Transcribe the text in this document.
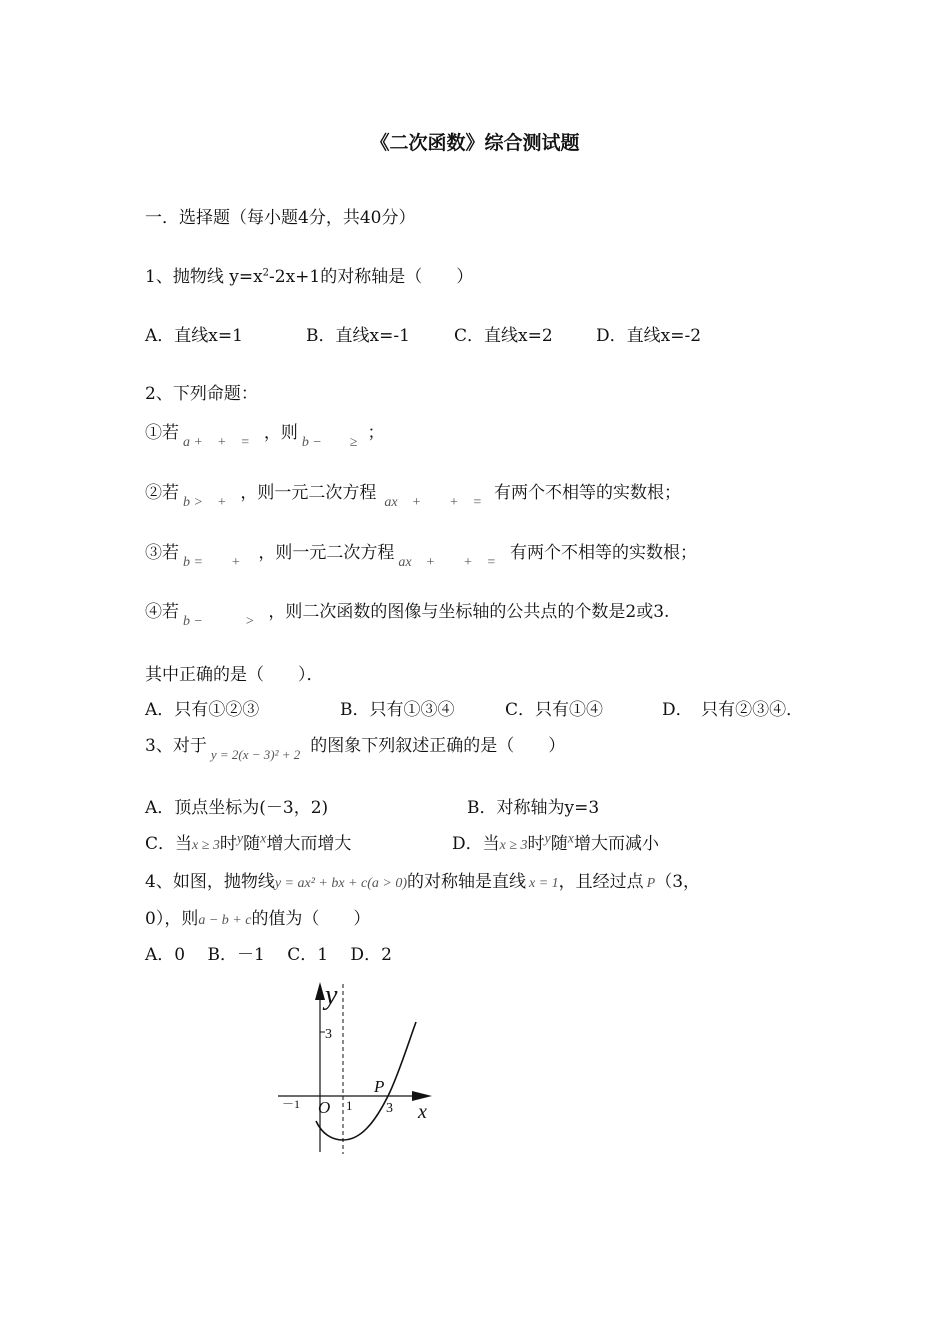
《二次函数》综合测试题
一．选择题（每小题4分，共40分）
1、抛物线 $y=x^2-2x+1$的对称轴是（　　）
A．直线x=1	B．直线x=-1	C．直线x=2	D．直线x=-2
2、下列命题：
①若 $_{a + + =}$ ，则 $_{b - \ge}$ ；
②若 $_{b > +}$ ，则一元二次方程 $_{ax + + =}$ 有两个不相等的实数根；
③若 $_{b = +}$ ，则一元二次方程 $_{ax + + =}$ 有两个不相等的实数根；
④若 $_{b - >}$ ，则二次函数的图像与坐标轴的公共点的个数是2或3.
其中正确的是（　　）．
A．只有①②③	B．只有①③④	C．只有①④	D．　只有②③④．
3、对于 $_{y = 2(x - 3)^2 + 2}$ 的图象下列叙述正确的是（　　）
A．顶点坐标为(－3，2)	B．对称轴为y=3
C．当x ≥ 3时$^y$随$^x$增大而增大	D．当x ≥ 3时$^y$随$^x$增大而减小
4、如图，抛物线y = ax² + bx + c(a > 0)的对称轴是直线 x = 1，且经过点 P（3，
0），则a − b + c的值为（　　）
A．0　 B．－1　 C．1　 D．2
y
x
O
P
－1	1 3
3
